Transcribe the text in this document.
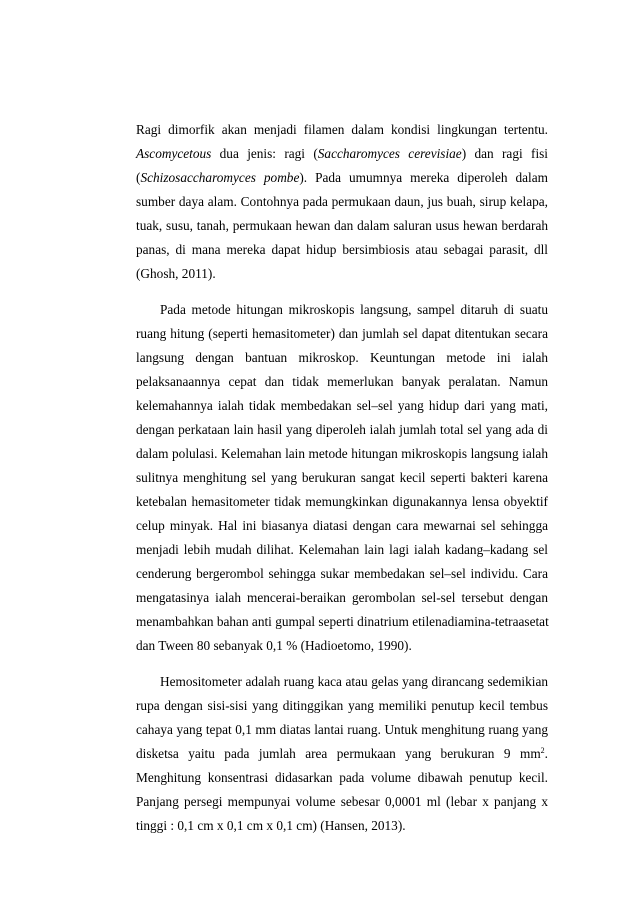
Ragi dimorfik akan menjadi filamen dalam kondisi lingkungan tertentu.
Ascomycetous dua jenis: ragi (Saccharomyces cerevisiae) dan ragi fisi
(Schizosaccharomyces pombe). Pada umumnya mereka diperoleh dalam
sumber daya alam. Contohnya pada permukaan daun, jus buah, sirup kelapa,
tuak, susu, tanah, permukaan hewan dan dalam saluran usus hewan berdarah
panas, di mana mereka dapat hidup bersimbiosis atau sebagai parasit, dll
(Ghosh, 2011).
Pada metode hitungan mikroskopis langsung, sampel ditaruh di suatu
ruang hitung (seperti hemasitometer) dan jumlah sel dapat ditentukan secara
langsung dengan bantuan mikroskop. Keuntungan metode ini ialah
pelaksanaannya cepat dan tidak memerlukan banyak peralatan. Namun
kelemahannya ialah tidak membedakan sel–sel yang hidup dari yang mati,
dengan perkataan lain hasil yang diperoleh ialah jumlah total sel yang ada di
dalam polulasi. Kelemahan lain metode hitungan mikroskopis langsung ialah
sulitnya menghitung sel yang berukuran sangat kecil seperti bakteri karena
ketebalan hemasitometer tidak memungkinkan digunakannya lensa obyektif
celup minyak. Hal ini biasanya diatasi dengan cara mewarnai sel sehingga
menjadi lebih mudah dilihat. Kelemahan lain lagi ialah kadang–kadang sel
cenderung bergerombol sehingga sukar membedakan sel–sel individu. Cara
mengatasinya ialah mencerai-beraikan gerombolan sel-sel tersebut dengan
menambahkan bahan anti gumpal seperti dinatrium etilenadiamina-tetraasetat
dan Tween 80 sebanyak 0,1 % (Hadioetomo, 1990).
Hemositometer adalah ruang kaca atau gelas yang dirancang sedemikian
rupa dengan sisi-sisi yang ditinggikan yang memiliki penutup kecil tembus
cahaya yang tepat 0,1 mm diatas lantai ruang. Untuk menghitung ruang yang
disketsa yaitu pada jumlah area permukaan yang berukuran 9 $mm^2$.
Menghitung konsentrasi didasarkan pada volume dibawah penutup kecil.
Panjang persegi mempunyai volume sebesar 0,0001 ml (lebar x panjang x
tinggi : 0,1 cm x 0,1 cm x 0,1 cm) (Hansen, 2013).
